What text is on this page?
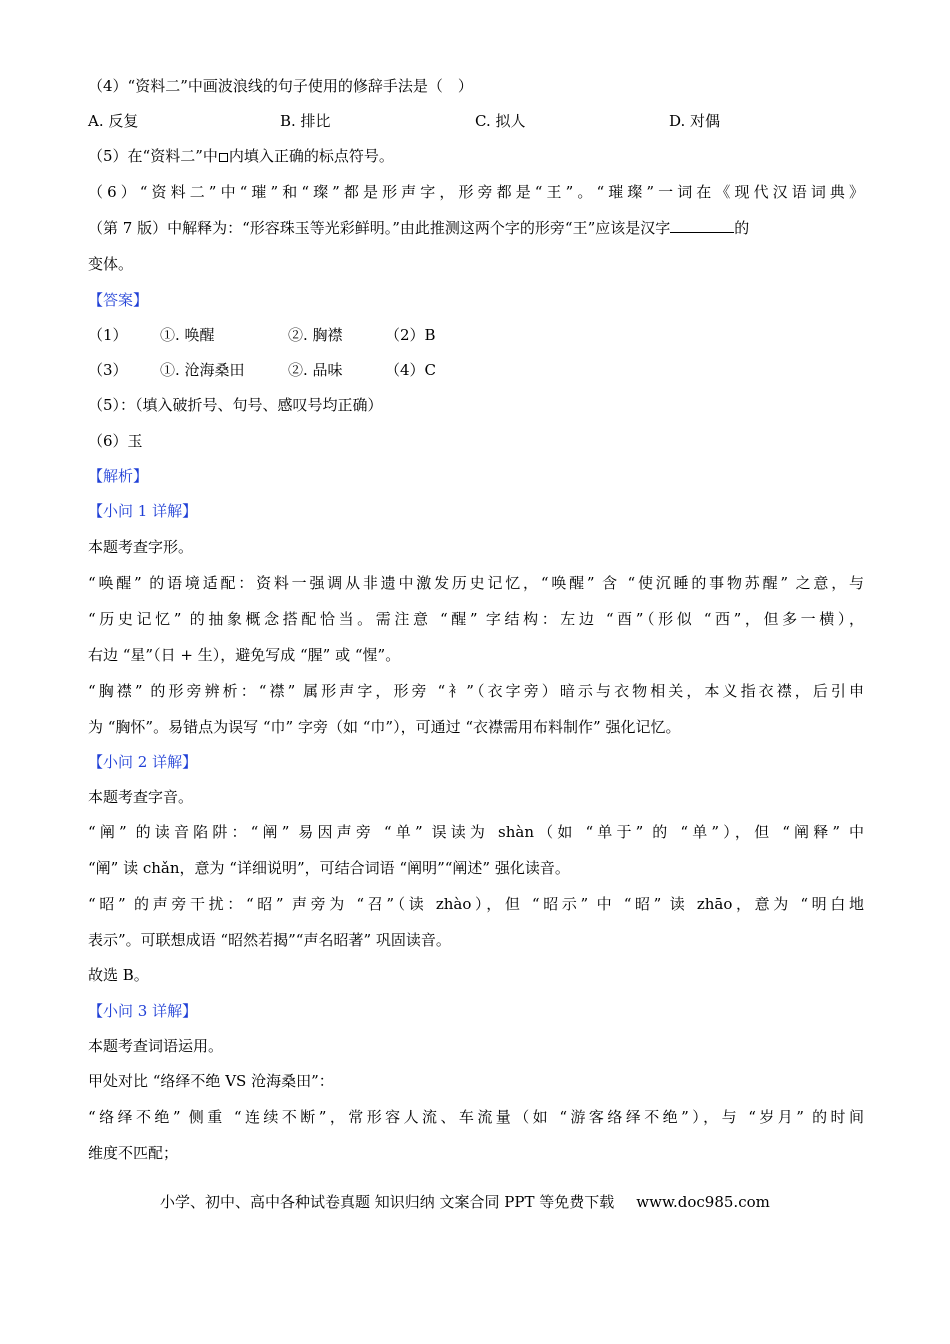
（4）“资料二”中画波浪线的句子使用的修辞手法是（　）
A. 反复	B. 排比	C. 拟人	D. 对偶
（5）在“资料二”中 内填入正确的标点符号。
（6）“资料二”中“璀”和“璨”都是形声字，形旁都是“王”。“璀璨”一词在《现代汉语词典》
（第 7 版）中解释为：“形容珠玉等光彩鲜明。”由此推测这两个字的形旁“王”应该是汉字	的
变体。
【答案】
（1） ①. 唤醒	②. 胸襟	（2）B
（3） ①. 沧海桑田	②. 品味	（4）C
（5）：（填入破折号、句号、感叹号均正确）
（6）玉
【解析】
【小问 1 详解】
本题考查字形。
“唤醒” 的语境适配：资料一强调从非遗中激发历史记忆，“唤醒” 含 “使沉睡的事物苏醒” 之意，与
“历史记忆” 的抽象概念搭配恰当。需注意 “醒” 字结构：左边 “酉”（形似 “西”，但多一横），
右边 “星”（日 + 生），避免写成 “腥” 或 “惺”。
“胸襟” 的形旁辨析：“襟” 属形声字，形旁 “衤”（衣字旁）暗示与衣物相关，本义指衣襟，后引申
为 “胸怀”。易错点为误写 “巾” 字旁（如 “巾”），可通过 “衣襟需用布料制作” 强化记忆。
【小问 2 详解】
本题考查字音。
“阐” 的读音陷阱：“阐” 易因声旁 “单” 误读为 shàn（如 “单于” 的 “单”），但 “阐释” 中
“阐” 读 chǎn，意为 “详细说明”，可结合词语 “阐明”“阐述” 强化读音。
“昭” 的声旁干扰：“昭” 声旁为 “召”（读 zhào），但 “昭示” 中 “昭” 读 zhāo，意为 “明白地
表示”。可联想成语 “昭然若揭”“声名昭著” 巩固读音。
故选 B。
【小问 3 详解】
本题考查词语运用。
甲处对比 “络绎不绝 VS 沧海桑田”：
“络绎不绝” 侧重 “连续不断”，常形容人流、车流量（如 “游客络绎不绝”），与 “岁月” 的时间
维度不匹配；
小学、初中、高中各种试卷真题 知识归纳 文案合同 PPT 等免费下载 www.doc985.com
